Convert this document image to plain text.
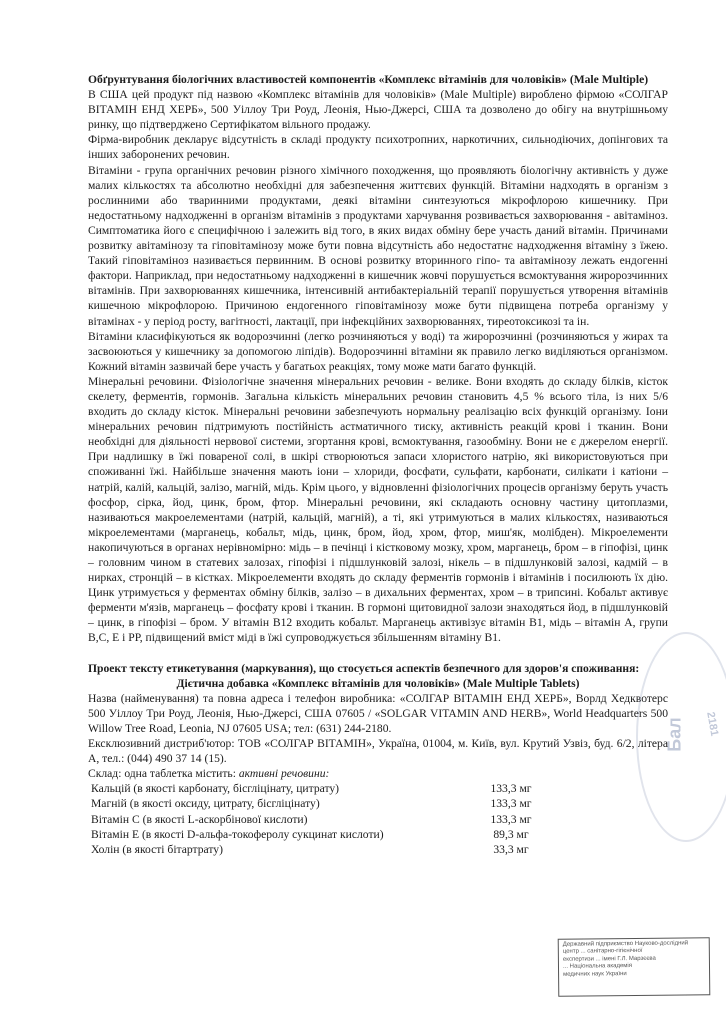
Обґрунтування біологічних властивостей компонентів «Комплекс вітамінів для чоловіків» (Male Multiple)

В США цей продукт під назвою «Комплекс вітамінів для чоловіків» (Male Multiple) вироблено фірмою «СОЛГАР ВІТАМІН ЕНД ХЕРБ», 500 Уіллоу Три Роуд, Леонія, Нью-Джерсі, США та дозволено до обігу на внутрішньому ринку, що підтверджено Сертифікатом вільного продажу.

Фірма-виробник декларує відсутність в складі продукту психотропних, наркотичних, сильнодіючих, допінгових та інших заборонених речовин.

Вітаміни - група органічних речовин різного хімічного походження, що проявляють біологічну активність у дуже малих кількостях та абсолютно необхідні для забезпечення життєвих функцій. Вітаміни надходять в організм з рослинними або тваринними продуктами, деякі вітаміни синтезуються мікрофлорою кишечнику. При недостатньому надходженні в організм вітамінів з продуктами харчування розвивається захворювання - авітаміноз. Симптоматика його є специфічною і залежить від того, в яких видах обміну бере участь даний вітамін. Причинами розвитку авітамінозу та гіповітамінозу може бути повна відсутність або недостатнє надходження вітаміну з їжею. Такий гіповітаміноз називається первинним. В основі розвитку вторинного гіпо- та авітамінозу лежать ендогенні фактори. Наприклад, при недостатньому надходженні в кишечник жовчі порушується всмоктування жиророзчинних вітамінів. При захворюваннях кишечника, інтенсивній антибактеріальній терапії порушується утворення вітамінів кишечною мікрофлорою. Причиною ендогенного гіповітамінозу може бути підвищена потреба організму у вітамінах - у період росту, вагітності, лактації, при інфекційних захворюваннях, тиреотоксикозі та ін.

Вітаміни класифікуються як водорозчинні (легко розчиняються у воді) та жиророзчинні (розчиняються у жирах та засвоюються у кишечнику за допомогою ліпідів). Водорозчинні вітаміни як правило легко виділяються організмом. Кожний вітамін зазвичай бере участь у багатьох реакціях, тому може мати багато функцій.

Мінеральні речовини. Фізіологічне значення мінеральних речовин - велике. Вони входять до складу білків, кісток скелету, ферментів, гормонів. Загальна кількість мінеральних речовин становить 4,5 % всього тіла, із них 5/6 входить до складу кісток. Мінеральні речовини забезпечують нормальну реалізацію всіх функцій організму. Іони мінеральних речовин підтримують постійність астматичного тиску, активність реакцій крові і тканин. Вони необхідні для діяльності нервової системи, згортання крові, всмоктування, газообміну. Вони не є джерелом енергії. При надлишку в їжі повареної солі, в шкірі створюються запаси хлористого натрію, які використовуються при споживанні їжі. Найбільше значення мають іони – хлориди, фосфати, сульфати, карбонати, силікати і катіони – натрій, калій, кальцій, залізо, магній, мідь. Крім цього, у відновленні фізіологічних процесів організму беруть участь фосфор, сірка, йод, цинк, бром, фтор. Мінеральні речовини, які складають основну частину цитоплазми, називаються макроелементами (натрій, кальцій, магній), а ті, які утримуються в малих кількостях, називаються мікроелементами (марганець, кобальт, мідь, цинк, бром, йод, хром, фтор, миш'як, молібден). Мікроелементи накопичуються в органах нерівномірно: мідь – в печінці і кістковому мозку, хром, марганець, бром – в гіпофізі, цинк – головним чином в статевих залозах, гіпофізі і підшлунковій залозі, нікель – в підшлунковій залозі, кадмій – в нирках, стронцій – в кістках. Мікроелементи входять до складу ферментів гормонів і вітамінів і посилюють їх дію. Цинк утримується у ферментах обміну білків, залізо – в дихальних ферментах, хром – в трипсині. Кобальт активує ферменти м'язів, марганець – фосфату крові і тканин. В гормоні щитовидної залози знаходяться йод, в підшлунковій – цинк, в гіпофізі – бром. У вітамін В12 входить кобальт. Марганець активізує вітамін В1, мідь – вітамін А, групи В,С, Е і РР, підвищений вміст міді в їжі супроводжується збільшенням вітаміну В1.

Проект тексту етикетування (маркування), що стосується аспектів безпечного для здоров'я споживання:

Дієтична добавка «Комплекс вітамінів для чоловіків» (Male Multiple Tablets)

Назва (найменування) та повна адреса і телефон виробника: «СОЛГАР ВІТАМІН ЕНД ХЕРБ», Ворлд Хедквотерс 500 Уіллоу Три Роуд, Леонія, Нью-Джерсі, США 07605 / «SOLGAR VITAMIN AND HERB», World Headquarters 500 Willow Tree Road, Leonia, NJ 07605 USA; тел: (631) 244-2180.

Ексклюзивний дистриб'ютор: ТОВ «СОЛГАР ВІТАМІН», Україна, 01004, м. Київ, вул. Крутий Узвіз, буд. 6/2, літера А, тел.: (044) 490 37 14 (15).

Склад: одна таблетка містить: активні речовини:

Кальцій (в якості карбонату, бісгліцінату, цитрату)	133,3 мг
Магній (в якості оксиду, цитрату, бісгліцінату)	133,3 мг
Вітамін С (в якості L-аскорбінової кислоти)	133,3 мг
Вітамін Е (в якості D-альфа-токоферолу сукцинат кислоти)	89,3 мг
Холін (в якості бітартрату)	33,3 мг
Бал 2181
Державний підприємство Науково-дослідний
центр ... санітарно-гігієнічної
експертизи ... імені Г.Л. Марзєєва
... Національна академія
медичних наук України
